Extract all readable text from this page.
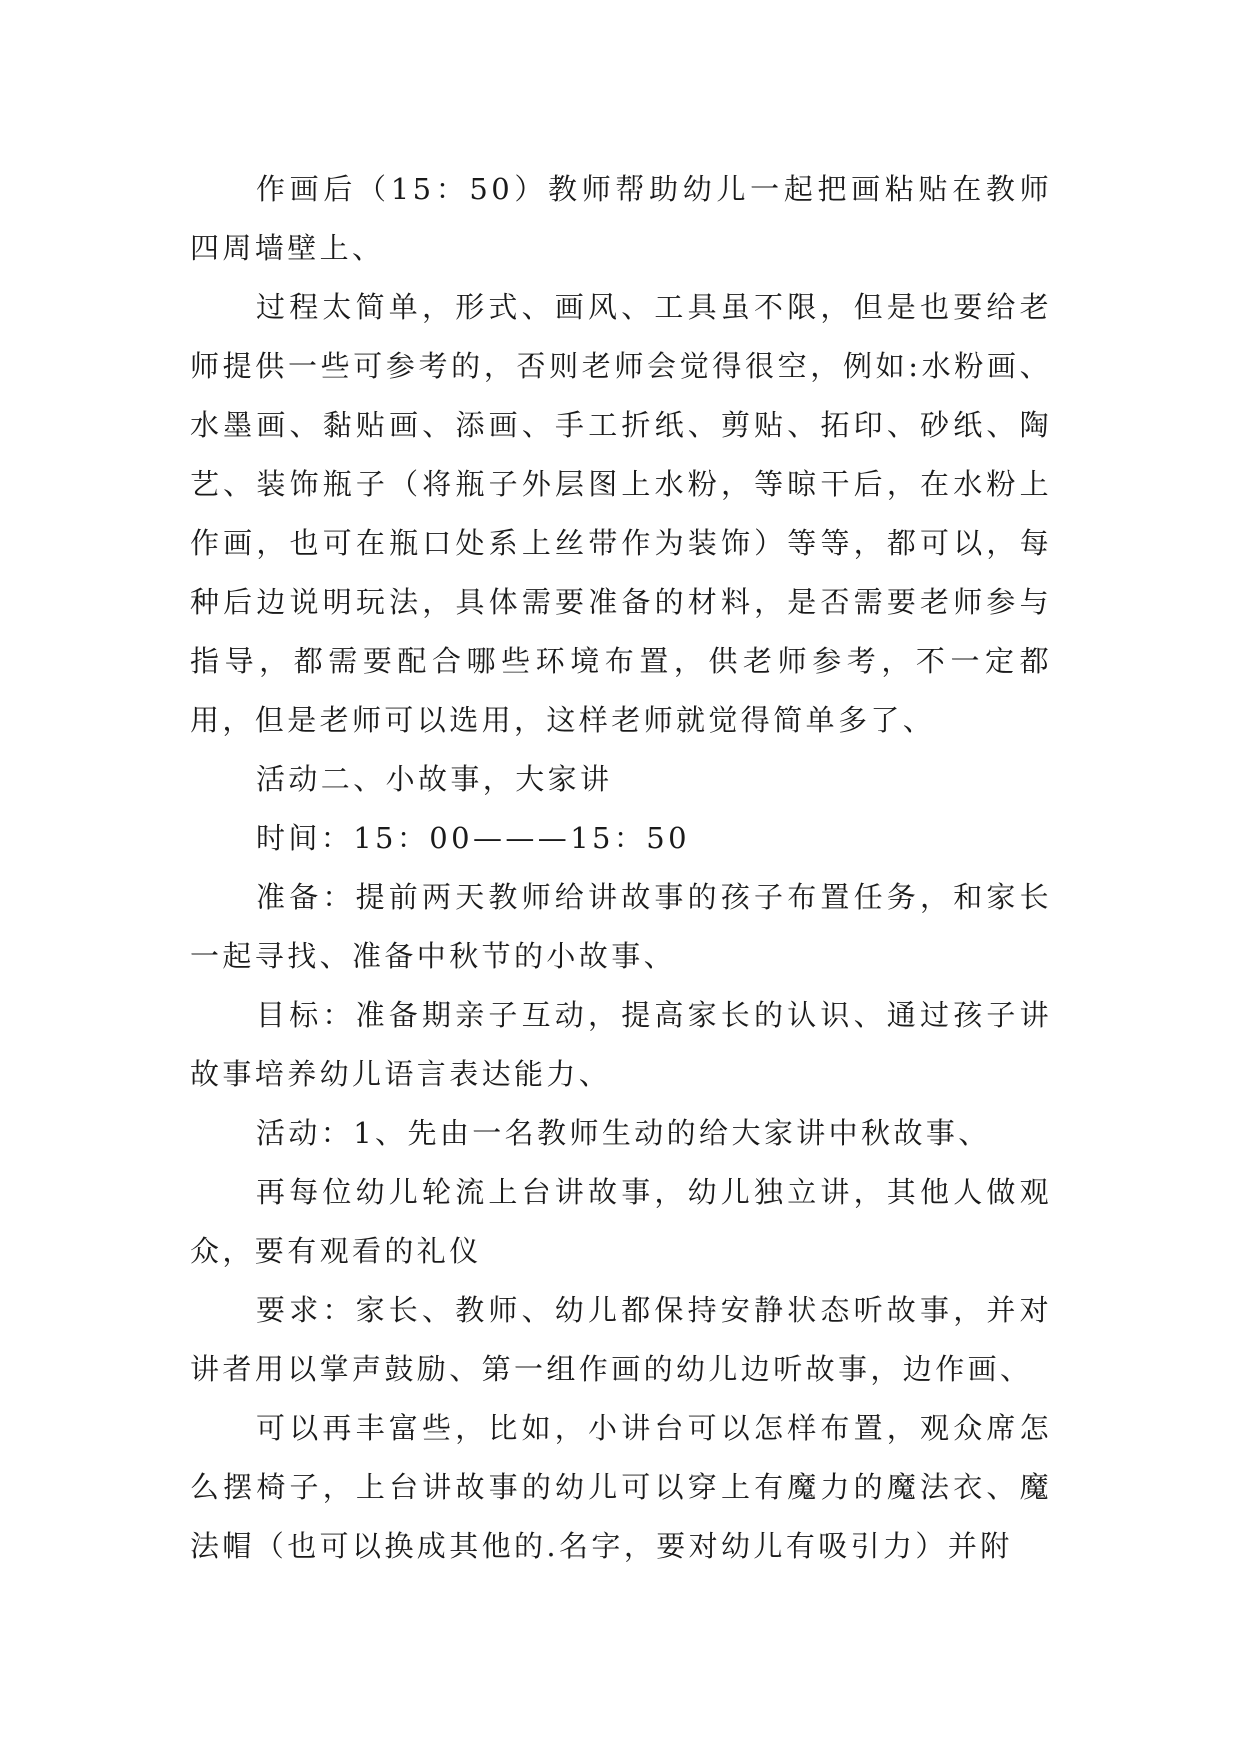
作画后（15：50）教师帮助幼儿一起把画粘贴在教师四周墙壁上、

过程太简单，形式、画风、工具虽不限，但是也要给老师提供一些可参考的，否则老师会觉得很空，例如:水粉画、水墨画、黏贴画、添画、手工折纸、剪贴、拓印、砂纸、陶艺、装饰瓶子（将瓶子外层图上水粉，等晾干后，在水粉上作画，也可在瓶口处系上丝带作为装饰）等等，都可以，每种后边说明玩法，具体需要准备的材料，是否需要老师参与指导，都需要配合哪些环境布置，供老师参考，不一定都用，但是老师可以选用，这样老师就觉得简单多了、

活动二、小故事，大家讲

时间：15：00———15：50

准备：提前两天教师给讲故事的孩子布置任务，和家长一起寻找、准备中秋节的小故事、

目标：准备期亲子互动，提高家长的认识、通过孩子讲故事培养幼儿语言表达能力、

活动：1、先由一名教师生动的给大家讲中秋故事、

再每位幼儿轮流上台讲故事，幼儿独立讲，其他人做观众，要有观看的礼仪

要求：家长、教师、幼儿都保持安静状态听故事，并对讲者用以掌声鼓励、第一组作画的幼儿边听故事，边作画、

可以再丰富些，比如，小讲台可以怎样布置，观众席怎么摆椅子，上台讲故事的幼儿可以穿上有魔力的魔法衣、魔法帽（也可以换成其他的.名字，要对幼儿有吸引力）并附
